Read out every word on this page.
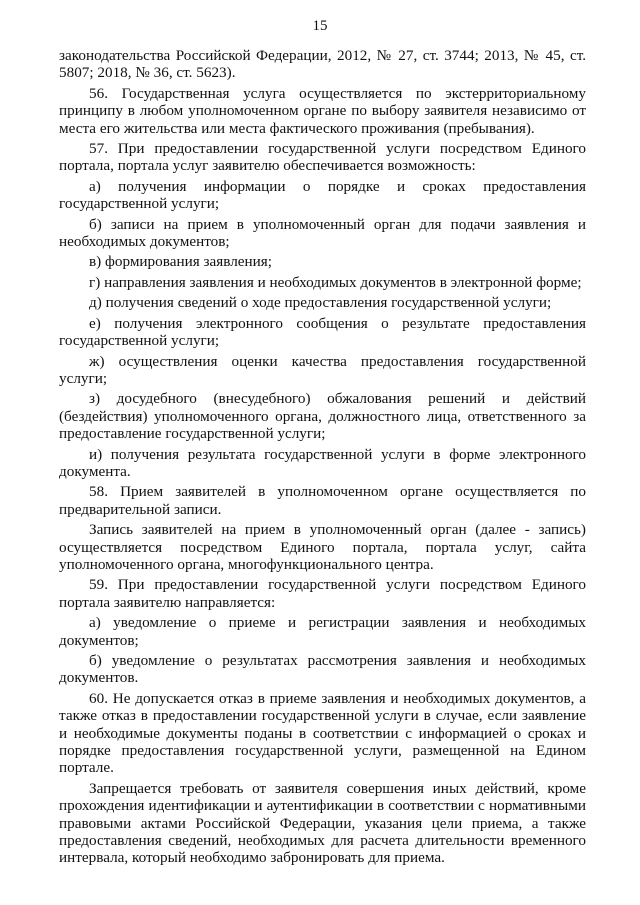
15

законодательства Российской Федерации, 2012, № 27, ст. 3744; 2013, № 45, ст. 5807; 2018, № 36, ст. 5623).

56. Государственная услуга осуществляется по экстерриториальному принципу в любом уполномоченном органе по выбору заявителя независимо от места его жительства или места фактического проживания (пребывания).

57. При предоставлении государственной услуги посредством Единого портала, портала услуг заявителю обеспечивается возможность:

а) получения информации о порядке и сроках предоставления государственной услуги;

б) записи на прием в уполномоченный орган для подачи заявления и необходимых документов;

в) формирования заявления;

г) направления заявления и необходимых документов в электронной форме;

д) получения сведений о ходе предоставления государственной услуги;

е) получения электронного сообщения о результате предоставления государственной услуги;

ж) осуществления оценки качества предоставления государственной услуги;

з) досудебного (внесудебного) обжалования решений и действий (бездействия) уполномоченного органа, должностного лица, ответственного за предоставление государственной услуги;

и) получения результата государственной услуги в форме электронного документа.

58. Прием заявителей в уполномоченном органе осуществляется по предварительной записи.

Запись заявителей на прием в уполномоченный орган (далее - запись) осуществляется посредством Единого портала, портала услуг, сайта уполномоченного органа, многофункционального центра.

59. При предоставлении государственной услуги посредством Единого портала заявителю направляется:

а) уведомление о приеме и регистрации заявления и необходимых документов;

б) уведомление о результатах рассмотрения заявления и необходимых документов.

60. Не допускается отказ в приеме заявления и необходимых документов, а также отказ в предоставлении государственной услуги в случае, если заявление и необходимые документы поданы в соответствии с информацией о сроках и порядке предоставления государственной услуги, размещенной на Едином портале.

Запрещается требовать от заявителя совершения иных действий, кроме прохождения идентификации и аутентификации в соответствии с нормативными правовыми актами Российской Федерации, указания цели приема, а также предоставления сведений, необходимых для расчета длительности временного интервала, который необходимо забронировать для приема.
